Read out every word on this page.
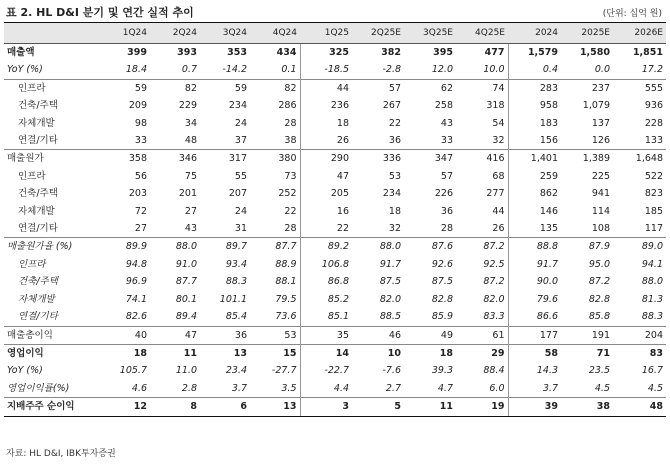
표 2. HL D&I 분기 및 연간 실적 추이	(단위: 십억 원)
	1Q24	2Q24	3Q24	4Q24	1Q25	2Q25E	3Q25E	4Q25E	2024	2025E	2026E
매출액	399	393	353	434	325	382	395	477	1,579	1,580	1,851
YoY (%)	18.4	0.7	-14.2	0.1	-18.5	-2.8	12.0	10.0	0.4	0.0	17.2
인프라	59	82	59	82	44	57	62	74	283	237	555
건축/주택	209	229	234	286	236	267	258	318	958	1,079	936
자체개발	98	34	24	28	18	22	43	54	183	137	228
연결/기타	33	48	37	38	26	36	33	32	156	126	133
매출원가	358	346	317	380	290	336	347	416	1,401	1,389	1,648
인프라	56	75	55	73	47	53	57	68	259	225	522
건축/주택	203	201	207	252	205	234	226	277	862	941	823
자체개발	72	27	24	22	16	18	36	44	146	114	185
연결/기타	27	43	31	28	22	32	28	26	135	108	117
매출원가율 (%)	89.9	88.0	89.7	87.7	89.2	88.0	87.6	87.2	88.8	87.9	89.0
인프라	94.8	91.0	93.4	88.9	106.8	91.7	92.6	92.5	91.7	95.0	94.1
건축/주택	96.9	87.7	88.3	88.1	86.8	87.5	87.5	87.2	90.0	87.2	88.0
자체개발	74.1	80.1	101.1	79.5	85.2	82.0	82.8	82.0	79.6	82.8	81.3
연결/기타	82.6	89.4	85.4	73.6	85.1	88.5	85.9	83.3	86.6	85.8	88.3
매출총이익	40	47	36	53	35	46	49	61	177	191	204
영업이익	18	11	13	15	14	10	18	29	58	71	83
YoY (%)	105.7	11.0	23.4	-27.7	-22.7	-7.6	39.3	88.4	14.3	23.5	16.7
영업이익률(%)	4.6	2.8	3.7	3.5	4.4	2.7	4.7	6.0	3.7	4.5	4.5
지배주주 순이익	12	8	6	13	3	5	11	19	39	38	48
자료: HL D&I, IBK투자증권
